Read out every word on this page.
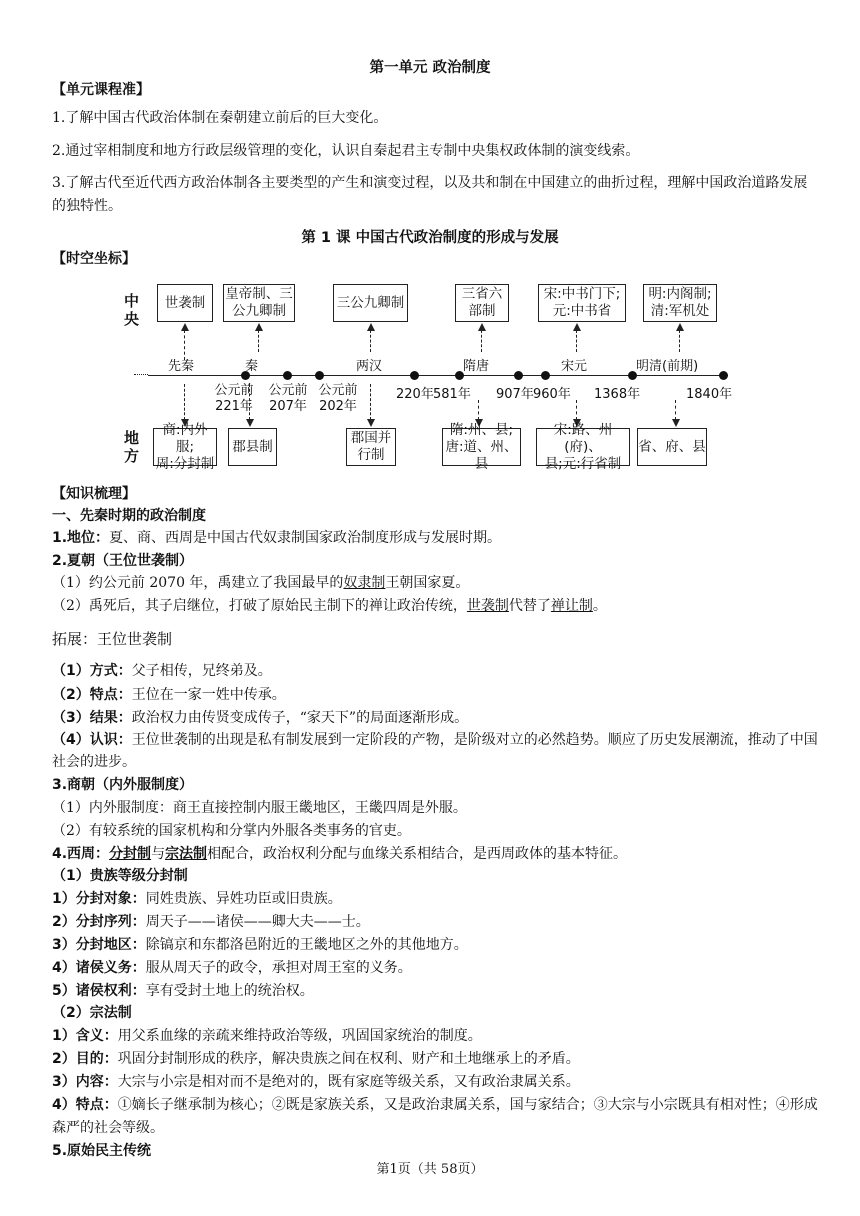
第一单元 政治制度
【单元课程准】
1.了解中国古代政治体制在秦朝建立前后的巨大变化。
2.通过宰相制度和地方行政层级管理的变化，认识自秦起君主专制中央集权政体制的演变线索。
3.了解古代至近代西方政治体制各主要类型的产生和演变过程，以及共和制在中国建立的曲折过程，理解中国政治道路发展的独特性。
第 1 课 中国古代政治制度的形成与发展
【时空坐标】
中央
地方
先秦	秦	两汉	隋唐	宋元	明清(前期)
公元前
221年
公元前
207年
公元前
202年
220年 581年 907年 960年 1368年	1840年
世袭制
皇帝制、三
公九卿制
三公九卿制
三省六
部制
宋:中书门下;
元:中书省
明:内阁制;
清:军机处
商:内外服;
周:分封制
郡县制
郡国并
行制
隋:州、县;
唐:道、州、县
宋:路、州(府)、
县;元:行省制
省、府、县
【知识梳理】
一、先秦时期的政治制度
1.地位：夏、商、西周是中国古代奴隶制国家政治制度形成与发展时期。
2.夏朝（王位世袭制）
（1）约公元前 2070 年，禹建立了我国最早的奴隶制王朝国家夏。
（2）禹死后，其子启继位，打破了原始民主制下的禅让政治传统，世袭制代替了禅让制。
拓展：王位世袭制
（1）方式：父子相传，兄终弟及。
（2）特点：王位在一家一姓中传承。
（3）结果：政治权力由传贤变成传子，“家天下”的局面逐渐形成。
（4）认识：王位世袭制的出现是私有制发展到一定阶段的产物，是阶级对立的必然趋势。顺应了历史发展潮流，推动了中国社会的进步。
3.商朝（内外服制度）
（1）内外服制度：商王直接控制内服王畿地区，王畿四周是外服。
（2）有较系统的国家机构和分掌内外服各类事务的官吏。
4.西周：分封制与宗法制相配合，政治权利分配与血缘关系相结合，是西周政体的基本特征。
（1）贵族等级分封制
1）分封对象：同姓贵族、异姓功臣或旧贵族。
2）分封序列：周天子——诸侯——卿大夫——士。
3）分封地区：除镐京和东都洛邑附近的王畿地区之外的其他地方。
4）诸侯义务：服从周天子的政令，承担对周王室的义务。
5）诸侯权利：享有受封土地上的统治权。
（2）宗法制
1）含义：用父系血缘的亲疏来维持政治等级，巩固国家统治的制度。
2）目的：巩固分封制形成的秩序，解决贵族之间在权利、财产和土地继承上的矛盾。
3）内容：大宗与小宗是相对而不是绝对的，既有家庭等级关系，又有政治隶属关系。
4）特点：①嫡长子继承制为核心；②既是家族关系，又是政治隶属关系，国与家结合；③大宗与小宗既具有相对性；④形成森严的社会等级。
5.原始民主传统
第1页（共 58页）
